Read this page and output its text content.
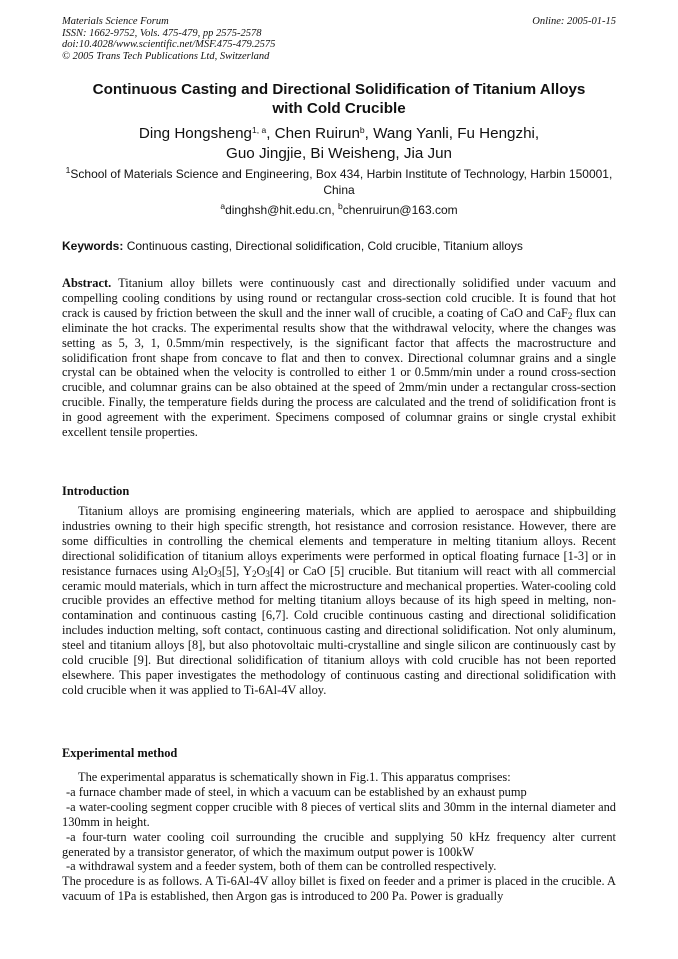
Materials Science Forum	Online: 2005-01-15
ISSN: 1662-9752, Vols. 475-479, pp 2575-2578
doi:10.4028/www.scientific.net/MSF.475-479.2575
© 2005 Trans Tech Publications Ltd, Switzerland
Continuous Casting and Directional Solidification of Titanium Alloys
with Cold Crucible
Ding Hongsheng$^{1, a}$, Chen Ruirun$^b$, Wang Yanli, Fu Hengzhi,
Guo Jingjie, Bi Weisheng, Jia Jun
$^1$School of Materials Science and Engineering, Box 434, Harbin Institute of Technology, Harbin 150001, China
$^a$dinghsh@hit.edu.cn, $^b$chenruirun@163.com
Keywords: Continuous casting, Directional solidification, Cold crucible, Titanium alloys
Abstract. Titanium alloy billets were continuously cast and directionally solidified under vacuum and compelling cooling conditions by using round or rectangular cross-section cold crucible. It is found that hot crack is caused by friction between the skull and the inner wall of crucible, a coating of CaO and CaF$_2$ flux can eliminate the hot cracks. The experimental results show that the withdrawal velocity, where the changes was setting as 5, 3, 1, 0.5mm/min respectively, is the significant factor that affects the macrostructure and solidification front shape from concave to flat and then to convex. Directional columnar grains and a single crystal can be obtained when the velocity is controlled to either 1 or 0.5mm/min under a round cross-section crucible, and columnar grains can be also obtained at the speed of 2mm/min under a rectangular cross-section crucible. Finally, the temperature fields during the process are calculated and the trend of solidification front is in good agreement with the experiment. Specimens composed of columnar grains or single crystal exhibit excellent tensile properties.
Introduction
Titanium alloys are promising engineering materials, which are applied to aerospace and shipbuilding industries owning to their high specific strength, hot resistance and corrosion resistance. However, there are some difficulties in controlling the chemical elements and temperature in melting titanium alloys. Recent directional solidification of titanium alloys experiments were performed in optical floating furnace [1-3] or in resistance furnaces using $Al_2O_3[5]$, $Y_2O_3[4]$ or CaO [5] crucible. But titanium will react with all commercial ceramic mould materials, which in turn affect the microstructure and mechanical properties. Water-cooling cold crucible provides an effective method for melting titanium alloys because of its high speed in melting, non-contamination and continuous casting [6,7]. Cold crucible continuous casting and directional solidification includes induction melting, soft contact, continuous casting and directional solidification. Not only aluminum, steel and titanium alloys [8], but also photovoltaic multi-crystalline and single silicon are continuously cast by cold crucible [9]. But directional solidification of titanium alloys with cold crucible has not been reported elsewhere. This paper investigates the methodology of continuous casting and directional solidification with cold crucible when it was applied to Ti-6Al-4V alloy.
Experimental method
The experimental apparatus is schematically shown in Fig.1. This apparatus comprises:
-a furnace chamber made of steel, in which a vacuum can be established by an exhaust pump
-a water-cooling segment copper crucible with 8 pieces of vertical slits and 30mm in the internal diameter and 130mm in height.
-a four-turn water cooling coil surrounding the crucible and supplying 50 kHz frequency alter current generated by a transistor generator, of which the maximum output power is 100kW
-a withdrawal system and a feeder system, both of them can be controlled respectively.
The procedure is as follows. A Ti-6Al-4V alloy billet is fixed on feeder and a primer is placed in the crucible. A vacuum of 1Pa is established, then Argon gas is introduced to 200 Pa. Power is gradually
